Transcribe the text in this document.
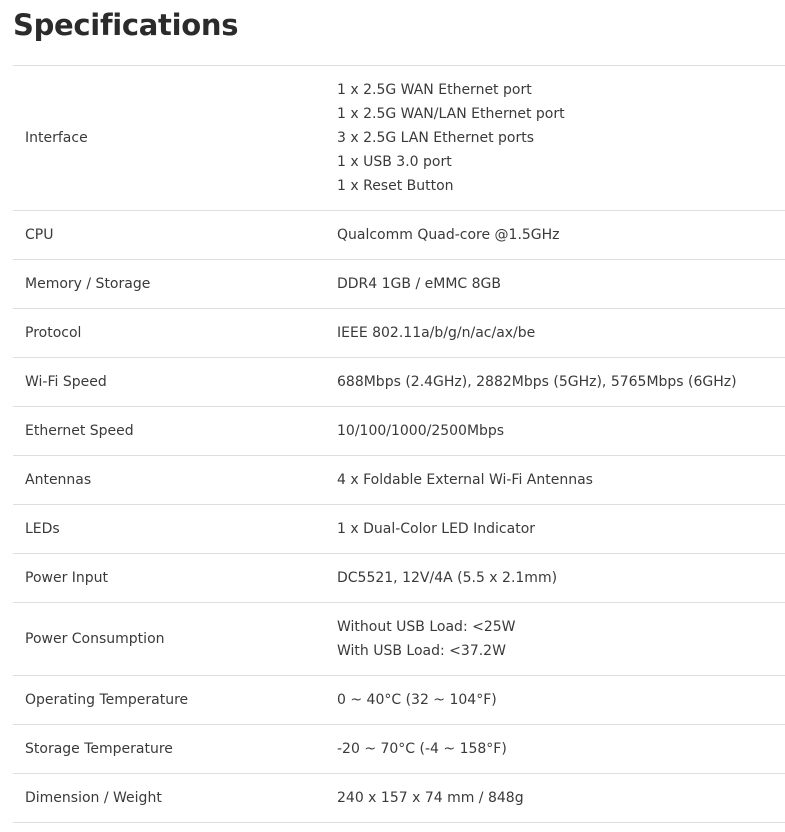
Specifications
Interface	1 x 2.5G WAN Ethernet port
1 x 2.5G WAN/LAN Ethernet port
3 x 2.5G LAN Ethernet ports
1 x USB 3.0 port
1 x Reset Button

CPU	Qualcomm Quad-core @1.5GHz

Memory / Storage	DDR4 1GB / eMMC 8GB

Protocol	IEEE 802.11a/b/g/n/ac/ax/be

Wi-Fi Speed	688Mbps (2.4GHz), 2882Mbps (5GHz), 5765Mbps (6GHz)

Ethernet Speed	10/100/1000/2500Mbps

Antennas	4 x Foldable External Wi-Fi Antennas

LEDs	1 x Dual-Color LED Indicator

Power Input	DC5521, 12V/4A (5.5 x 2.1mm)

Power Consumption	Without USB Load: <25W
With USB Load: <37.2W

Operating Temperature	0 ~ 40°C (32 ~ 104°F)

Storage Temperature	-20 ~ 70°C (-4 ~ 158°F)

Dimension / Weight	240 x 157 x 74 mm / 848g
